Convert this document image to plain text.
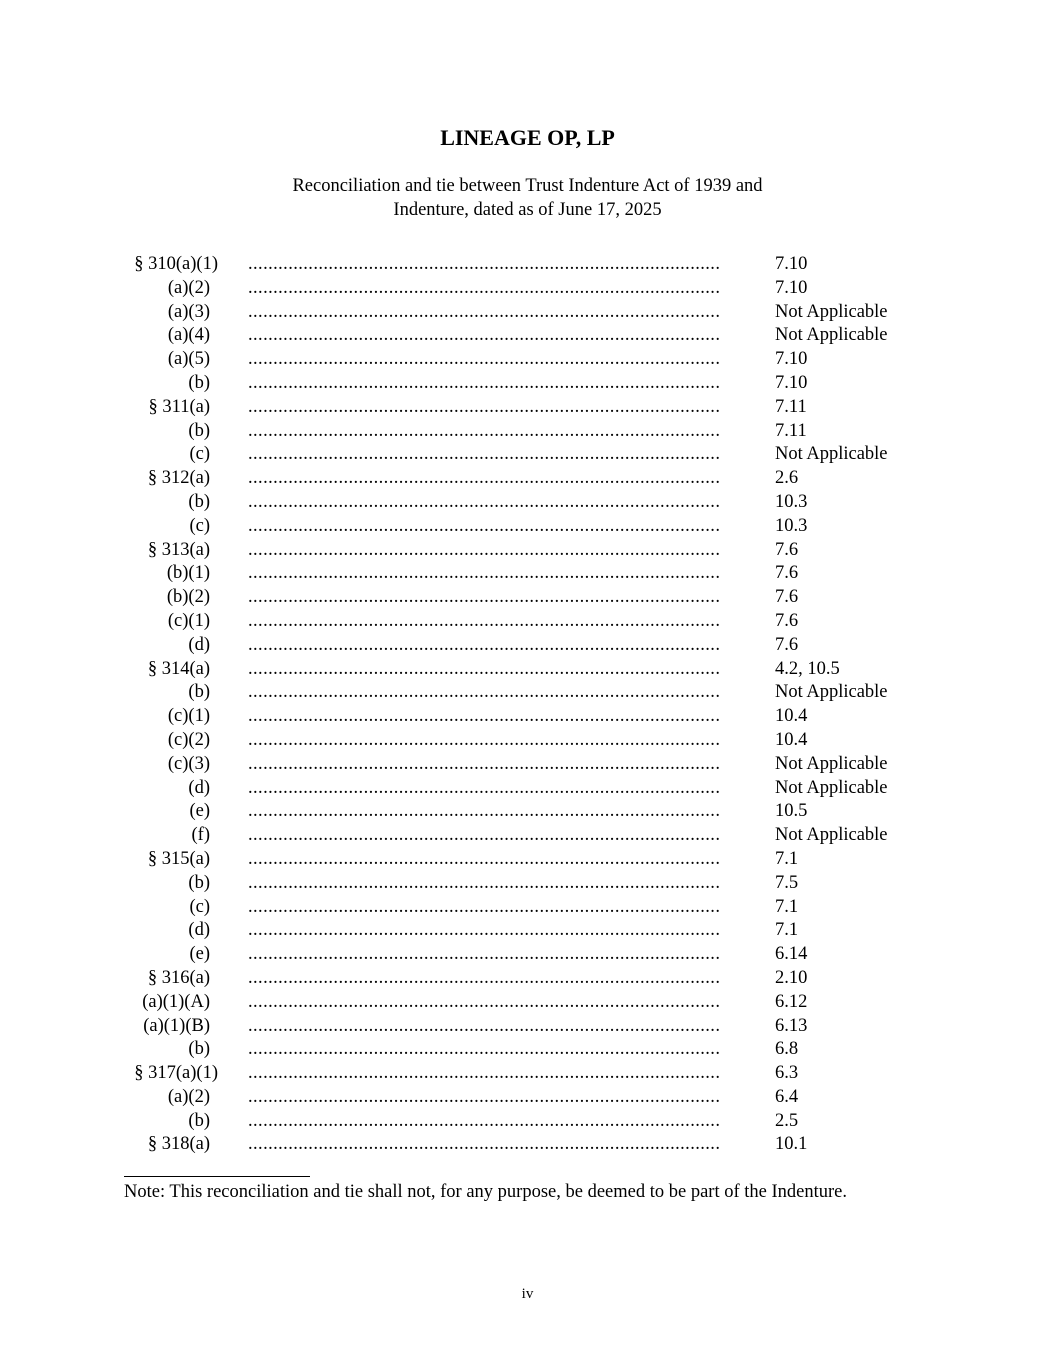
LINEAGE OP, LP
Reconciliation and tie between Trust Indenture Act of 1939 and
Indenture, dated as of June 17, 2025
§ 310(a)(1) ..............................................................................................	7.10
(a)(2) ..............................................................................................	7.10
(a)(3) ..............................................................................................	Not Applicable
(a)(4) ..............................................................................................	Not Applicable
(a)(5) ..............................................................................................	7.10
(b) ..............................................................................................	7.10
§ 311(a) ..............................................................................................	7.11
(b) ..............................................................................................	7.11
(c) ..............................................................................................	Not Applicable
§ 312(a) ..............................................................................................	2.6
(b) ..............................................................................................	10.3
(c) ..............................................................................................	10.3
§ 313(a) ..............................................................................................	7.6
(b)(1) ..............................................................................................	7.6
(b)(2) ..............................................................................................	7.6
(c)(1) ..............................................................................................	7.6
(d) ..............................................................................................	7.6
§ 314(a) ..............................................................................................	4.2, 10.5
(b) ..............................................................................................	Not Applicable
(c)(1) ..............................................................................................	10.4
(c)(2) ..............................................................................................	10.4
(c)(3) ..............................................................................................	Not Applicable
(d) ..............................................................................................	Not Applicable
(e) ..............................................................................................	10.5
(f) ..............................................................................................	Not Applicable
§ 315(a) ..............................................................................................	7.1
(b) ..............................................................................................	7.5
(c) ..............................................................................................	7.1
(d) ..............................................................................................	7.1
(e) ..............................................................................................	6.14
§ 316(a) ..............................................................................................	2.10
(a)(1)(A) ..............................................................................................	6.12
(a)(1)(B) ..............................................................................................	6.13
(b) ..............................................................................................	6.8
§ 317(a)(1) ..............................................................................................	6.3
(a)(2) ..............................................................................................	6.4
(b) ..............................................................................................	2.5
§ 318(a) ..............................................................................................	10.1
Note: This reconciliation and tie shall not, for any purpose, be deemed to be part of the Indenture.
iv
